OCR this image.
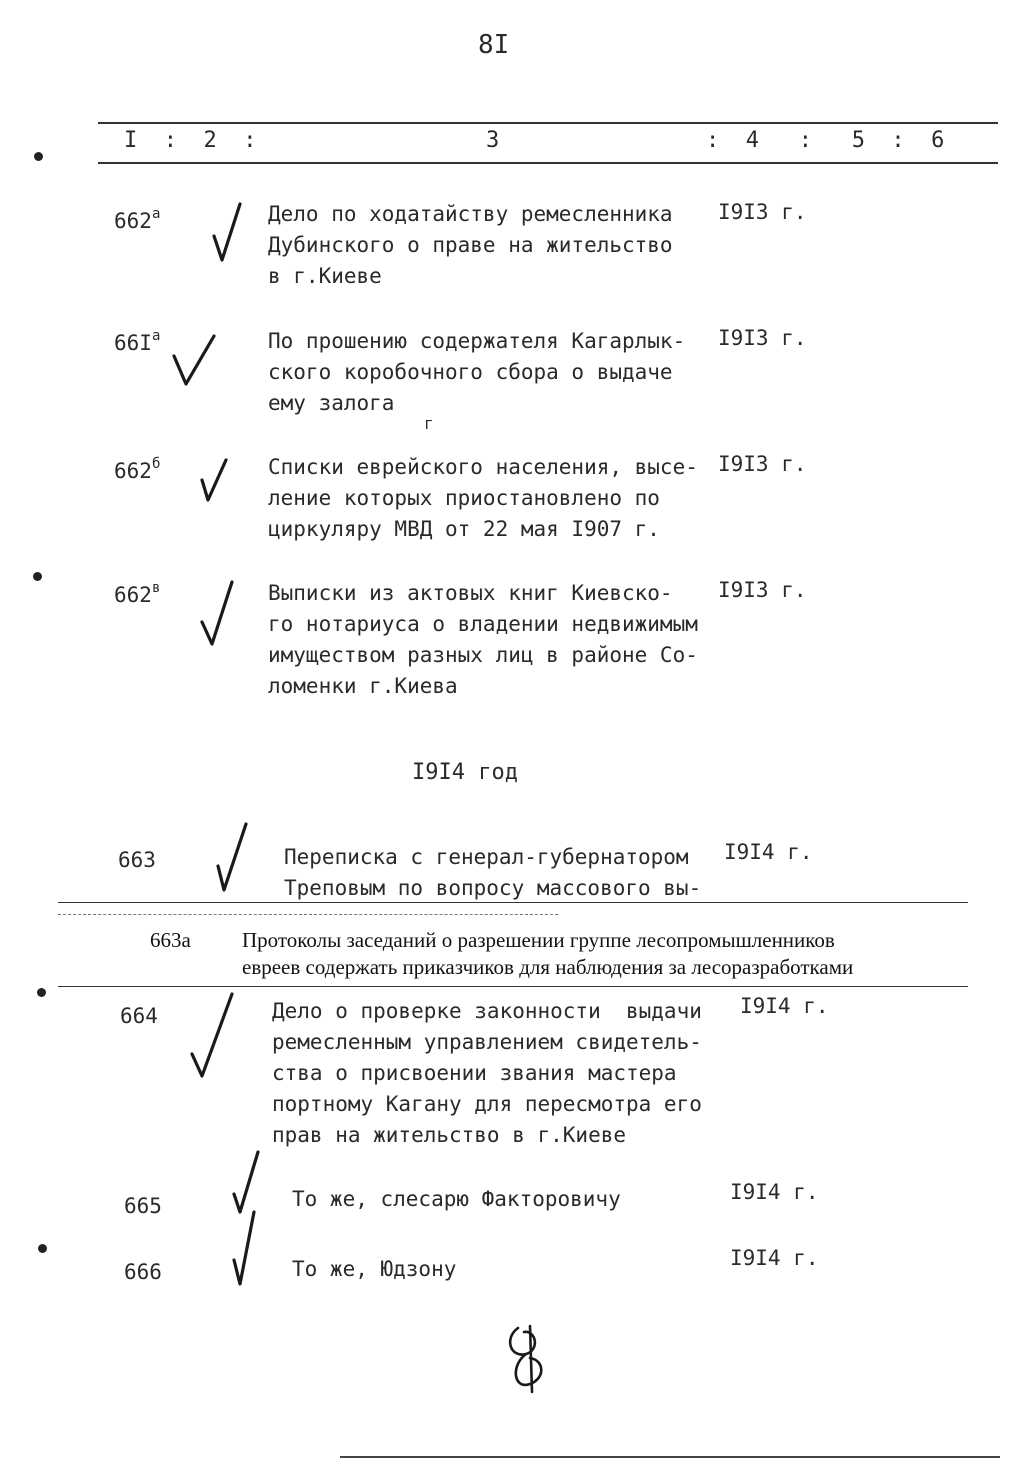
8I
I  :  2  :	3	:  4   :   5  :  6
$662^а$	Дело по ходатайству ремесленника
Дубинского о праве на жительство
в г.Киеве
I9I3 г.
$66I^а$	По прошению содержателя Кагарлык-
ского коробочного сбора о выдаче
ему залога
I9I3 г.
г
$662^б$	Списки еврейского населения, высе-
ление которых приостановлено по
циркуляру МВД от 22 мая I907 г.
I9I3 г.
$662^в$	Выписки из актовых книг Киевско-
го нотариуса о владении недвижимым
имуществом разных лиц в районе Со-
ломенки г.Киева
I9I3 г.
I9I4 год
663	Переписка с генерал-губернатором
Треповым по вопросу массового вы-
I9I4 г.
663а Протоколы заседаний о разрешении группе лесопромышленников
евреев содержать приказчиков для наблюдения за лесоразработками
664	Дело о проверке законности  выдачи
ремесленным управлением свидетель-
ства о присвоении звания мастера
портному Кагану для пересмотра его
прав на жительство в г.Киеве
I9I4 г.
665	То же, слесарю Факторовичу	I9I4 г.
666	То же, Юдзону	I9I4 г.
